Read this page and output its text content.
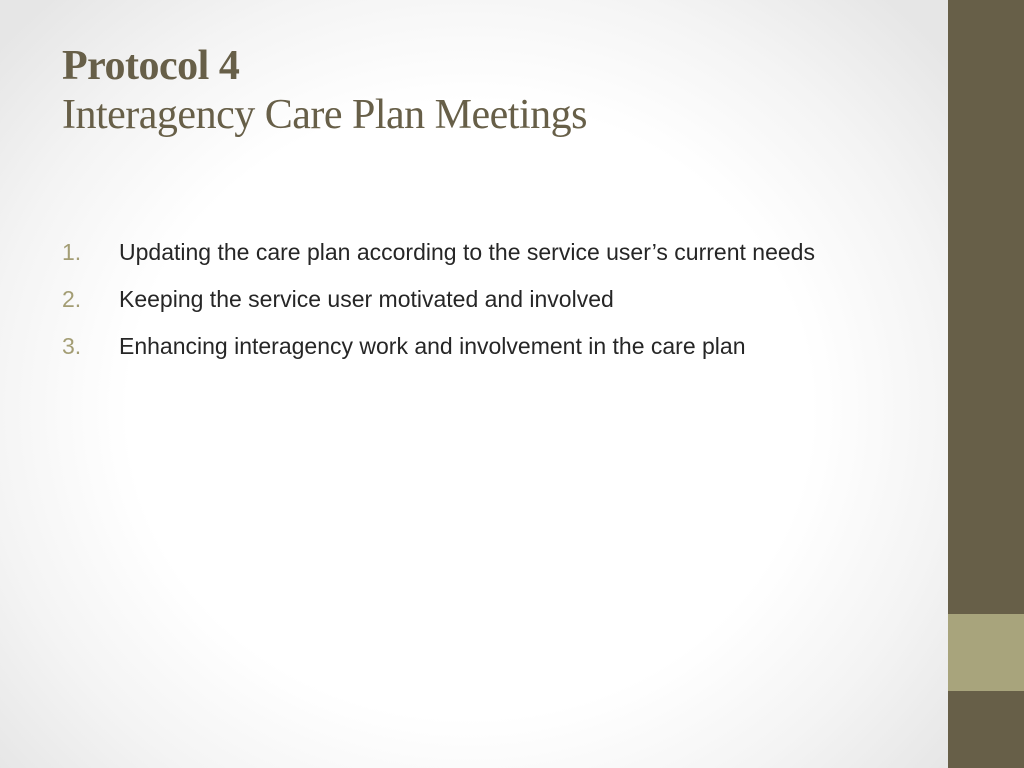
Protocol 4
Interagency Care Plan Meetings
1.	Updating the care plan according to the service user’s current needs
2.	Keeping the service user motivated and involved
3.	Enhancing interagency work and involvement in the care plan
